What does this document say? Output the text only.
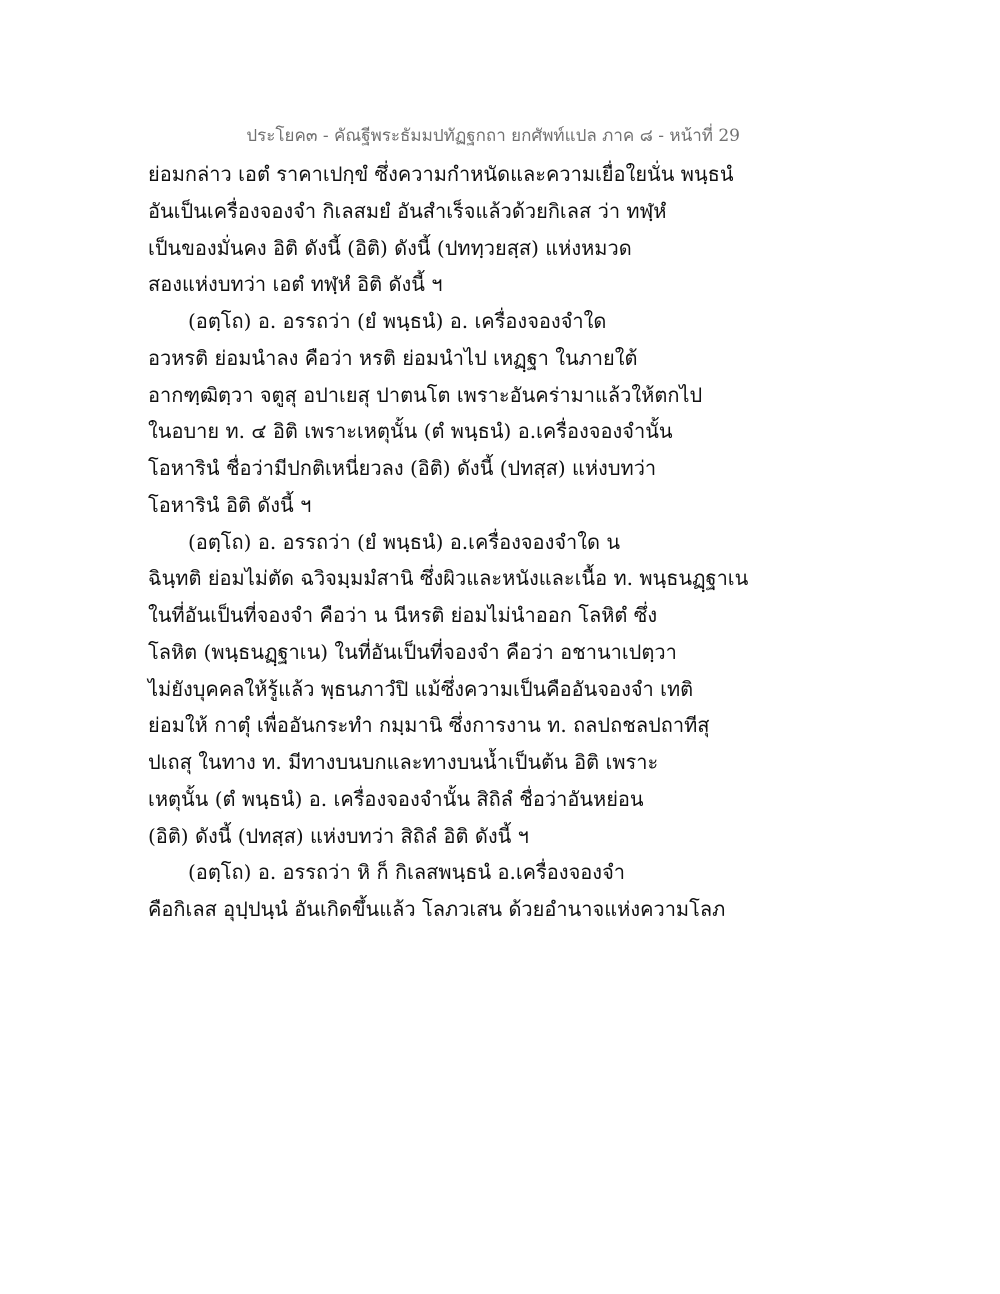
ประโยค๓ - คัณฐีพระธัมมปทัฏฐกถา ยกศัพท์แปล ภาค ๘ - หน้าที่ 29
ย่อมกล่าว เอตํ ราคาเปกฺขํ ซึ่งความกำหนัดและความเยื่อใยนั่น พนฺธนํ
อันเป็นเครื่องจองจำ กิเลสมยํ อันสำเร็จแล้วด้วยกิเลส ว่า ทฬฺหํ
เป็นของมั่นคง อิติ ดังนี้ (อิติ) ดังนี้ (ปททฺวยสฺส) แห่งหมวด
สองแห่งบทว่า เอตํ ทฬฺหํ อิติ ดังนี้ ฯ
(อตฺโถ) อ. อรรถว่า (ยํ พนฺธนํ) อ. เครื่องจองจำใด
อวหรติ ย่อมนำลง คือว่า หรติ ย่อมนำไป เหฏฺฐา ในภายใต้
อากฑฺฒิตฺวา จตูสุ อปาเยสุ ปาตนโต เพราะอันคร่ามาแล้วให้ตกไป
ในอบาย ท. ๔ อิติ เพราะเหตุนั้น (ตํ พนฺธนํ) อ.เครื่องจองจำนั้น
โอหารินํ ชื่อว่ามีปกติเหนี่ยวลง (อิติ) ดังนี้ (ปทสฺส) แห่งบทว่า
โอหารินํ อิติ ดังนี้ ฯ
(อตฺโถ) อ. อรรถว่า (ยํ พนฺธนํ) อ.เครื่องจองจำใด น
ฉินฺทติ ย่อมไม่ตัด ฉวิจมฺมมํสานิ ซึ่งผิวและหนังและเนื้อ ท. พนฺธนฏฺฐาเน
ในที่อันเป็นที่จองจำ คือว่า น นีหรติ ย่อมไม่นำออก โลหิตํ ซึ่ง
โลหิต (พนฺธนฏฺฐาเน) ในที่อันเป็นที่จองจำ คือว่า อชานาเปตฺวา
ไม่ยังบุคคลให้รู้แล้ว พฺธนภาวํปิ แม้ซึ่งความเป็นคืออันจองจำ เทติ
ย่อมให้ กาตุํ เพื่ออันกระทำ กมฺมานิ ซึ่งการงาน ท. ถลปถชลปถาทีสุ
ปเถสุ ในทาง ท. มีทางบนบกและทางบนน้ำเป็นต้น อิติ เพราะ
เหตุนั้น (ตํ พนฺธนํ) อ. เครื่องจองจำนั้น สิถิลํ ชื่อว่าอันหย่อน
(อิติ) ดังนี้ (ปทสฺส) แห่งบทว่า สิถิลํ อิติ ดังนี้ ฯ
(อตฺโถ) อ. อรรถว่า หิ ก็ กิเลสพนฺธนํ อ.เครื่องจองจำ
คือกิเลส อุปฺปนฺนํ อันเกิดขึ้นแล้ว โลภวเสน ด้วยอำนาจแห่งความโลภ
